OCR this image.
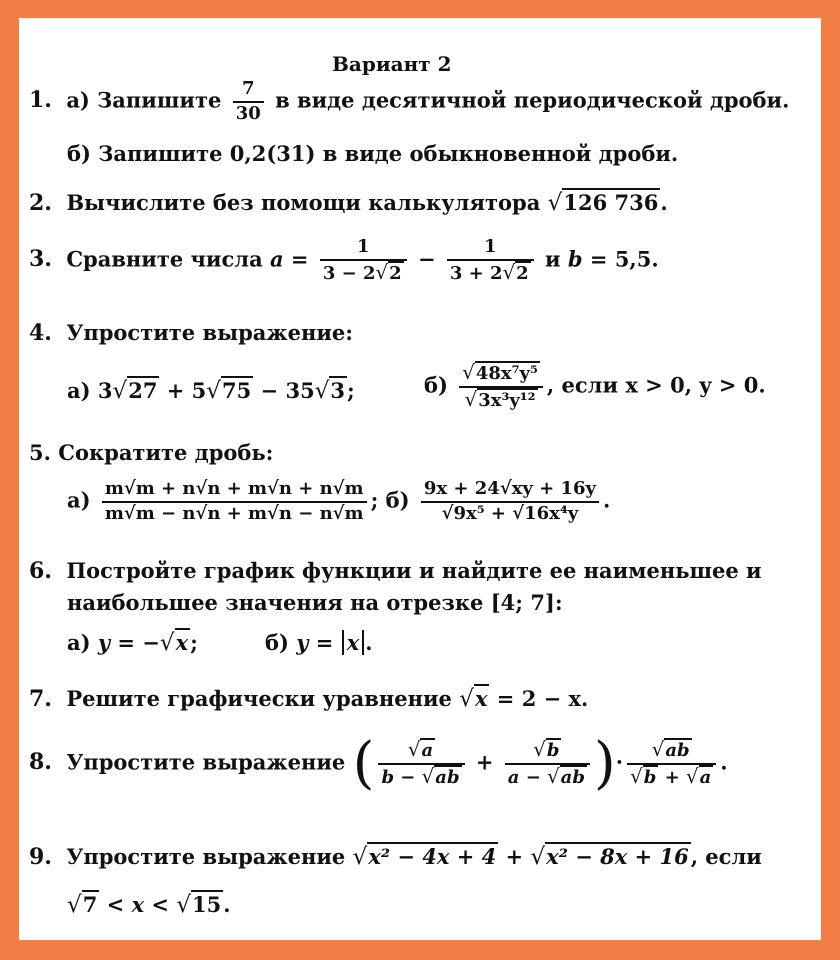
Вариант 2
1. а) Запишите $\frac{7}{30}$ в виде десятичной периодической дроби.
б) Запишите 0,2(31) в виде обыкновенной дроби.
2. Вычислите без помощи калькулятора √126 736.
3. Сравните числа $a = \frac{1}{3 - 2√2} - \frac{1}{3 + 2√2}$ и b = 5,5.
4. Упростите выражение:
а) 3√27 + 5√75 − 35√3;	$б) \frac{\text{√48x⁷y⁵}}{\text{√3x³y¹²}}$ , если x > 0, y > 0.
5. Сократите дробь:
$а) \frac{m√m + n√n + m√n + n√m}{m√m - n√n + m√n - n√m}$ ; $б) \frac{9x + 24√xy + 16y}{\text{√9x⁵ + √16x⁴y}}$ .
6. Постройте график функции и найдите ее наименьшее и
наибольшее значения на отрезке [4; 7]:
а) y = −√x;	б) y = x .
7. Решите графически уравнение √x = 2 − x.
8. Упростите выражение ( $\frac{√a}{b - √ab} + \frac{√b}{a - √ab}$ )· $\frac{√ab}{√b + √a}$ .
9. Упростите выражение √x² − 4x + 4 + √x² − 8x + 16, если
√7 < x < √15.
